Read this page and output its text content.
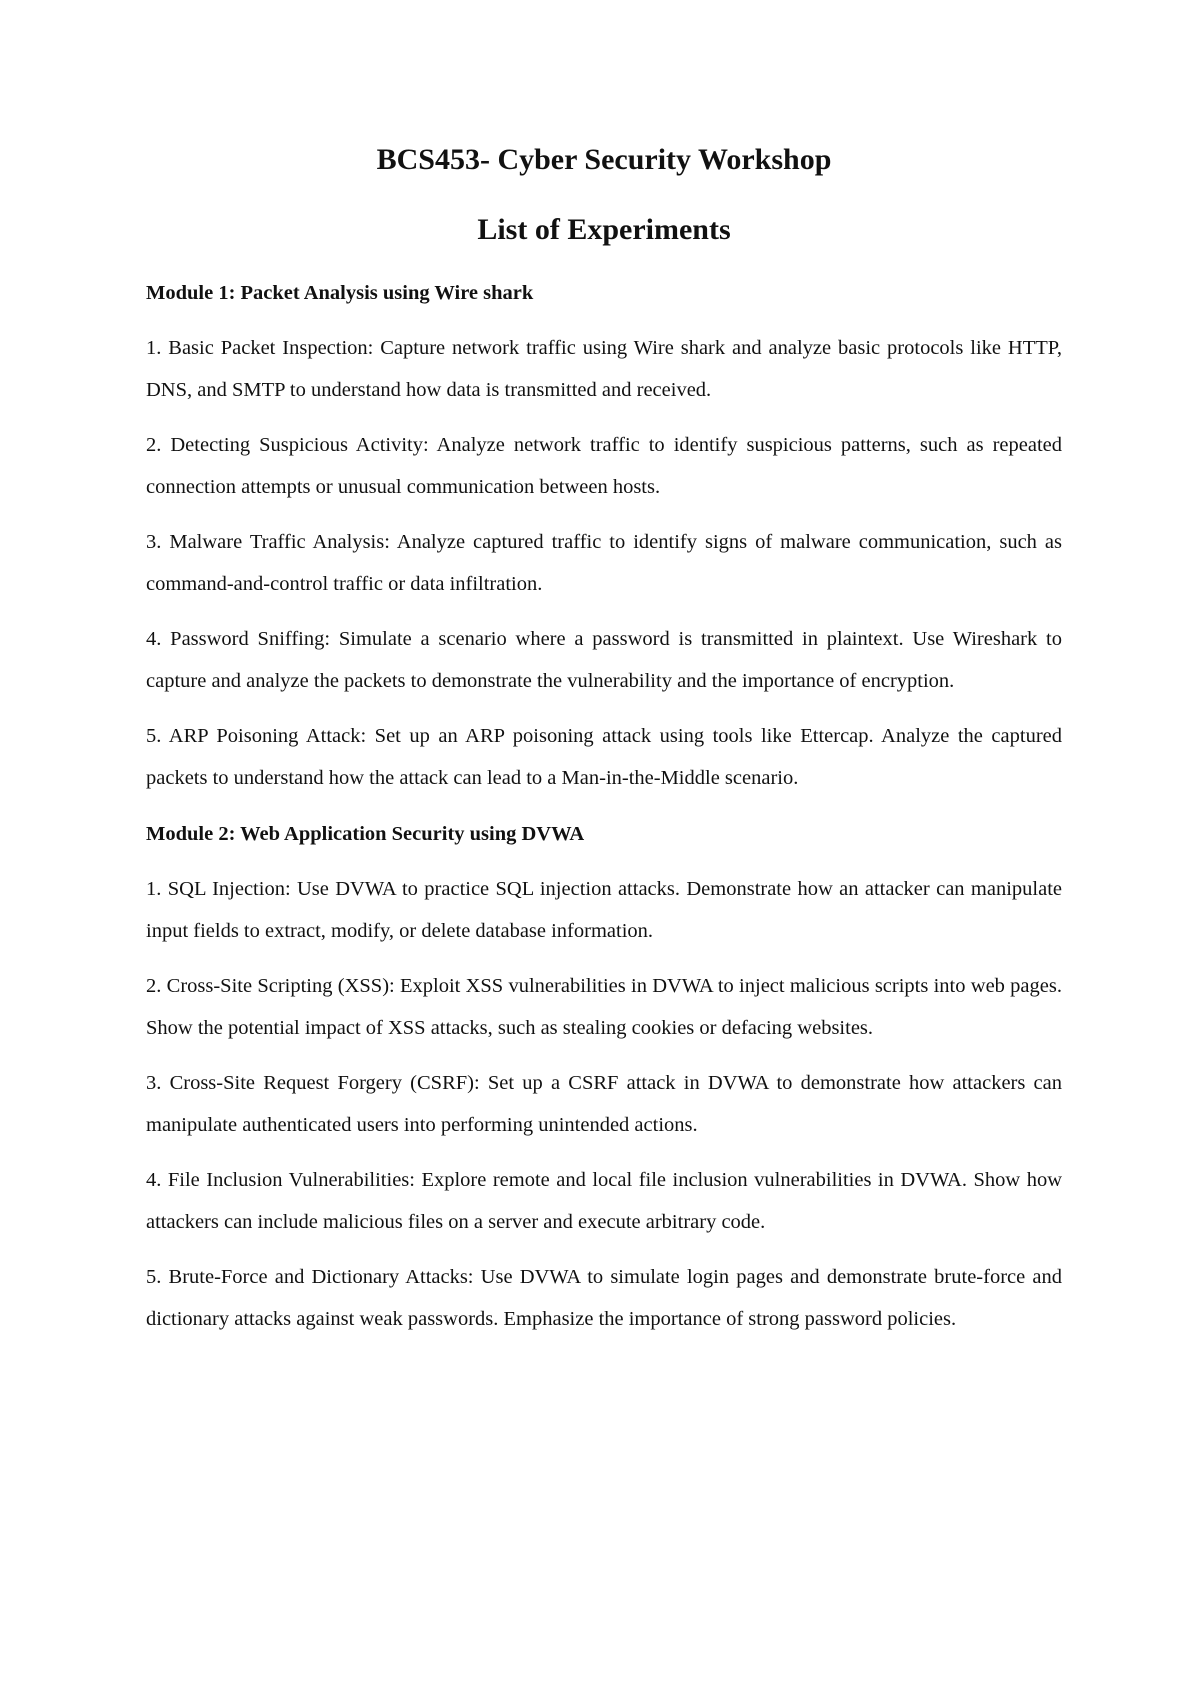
BCS453- Cyber Security Workshop
List of Experiments

Module 1: Packet Analysis using Wire shark

1. Basic Packet Inspection: Capture network traffic using Wire shark and analyze basic protocols like HTTP, DNS, and SMTP to understand how data is transmitted and received.

2. Detecting Suspicious Activity: Analyze network traffic to identify suspicious patterns, such as repeated connection attempts or unusual communication between hosts.

3. Malware Traffic Analysis: Analyze captured traffic to identify signs of malware communication, such as command-and-control traffic or data infiltration.

4. Password Sniffing: Simulate a scenario where a password is transmitted in plaintext. Use Wireshark to capture and analyze the packets to demonstrate the vulnerability and the importance of encryption.

5. ARP Poisoning Attack: Set up an ARP poisoning attack using tools like Ettercap. Analyze the captured packets to understand how the attack can lead to a Man-in-the-Middle scenario.

Module 2: Web Application Security using DVWA

1. SQL Injection: Use DVWA to practice SQL injection attacks. Demonstrate how an attacker can manipulate input fields to extract, modify, or delete database information.

2. Cross-Site Scripting (XSS): Exploit XSS vulnerabilities in DVWA to inject malicious scripts into web pages. Show the potential impact of XSS attacks, such as stealing cookies or defacing websites.

3. Cross-Site Request Forgery (CSRF): Set up a CSRF attack in DVWA to demonstrate how attackers can manipulate authenticated users into performing unintended actions.

4. File Inclusion Vulnerabilities: Explore remote and local file inclusion vulnerabilities in DVWA. Show how attackers can include malicious files on a server and execute arbitrary code.

5. Brute-Force and Dictionary Attacks: Use DVWA to simulate login pages and demonstrate brute-force and dictionary attacks against weak passwords. Emphasize the importance of strong password policies.
